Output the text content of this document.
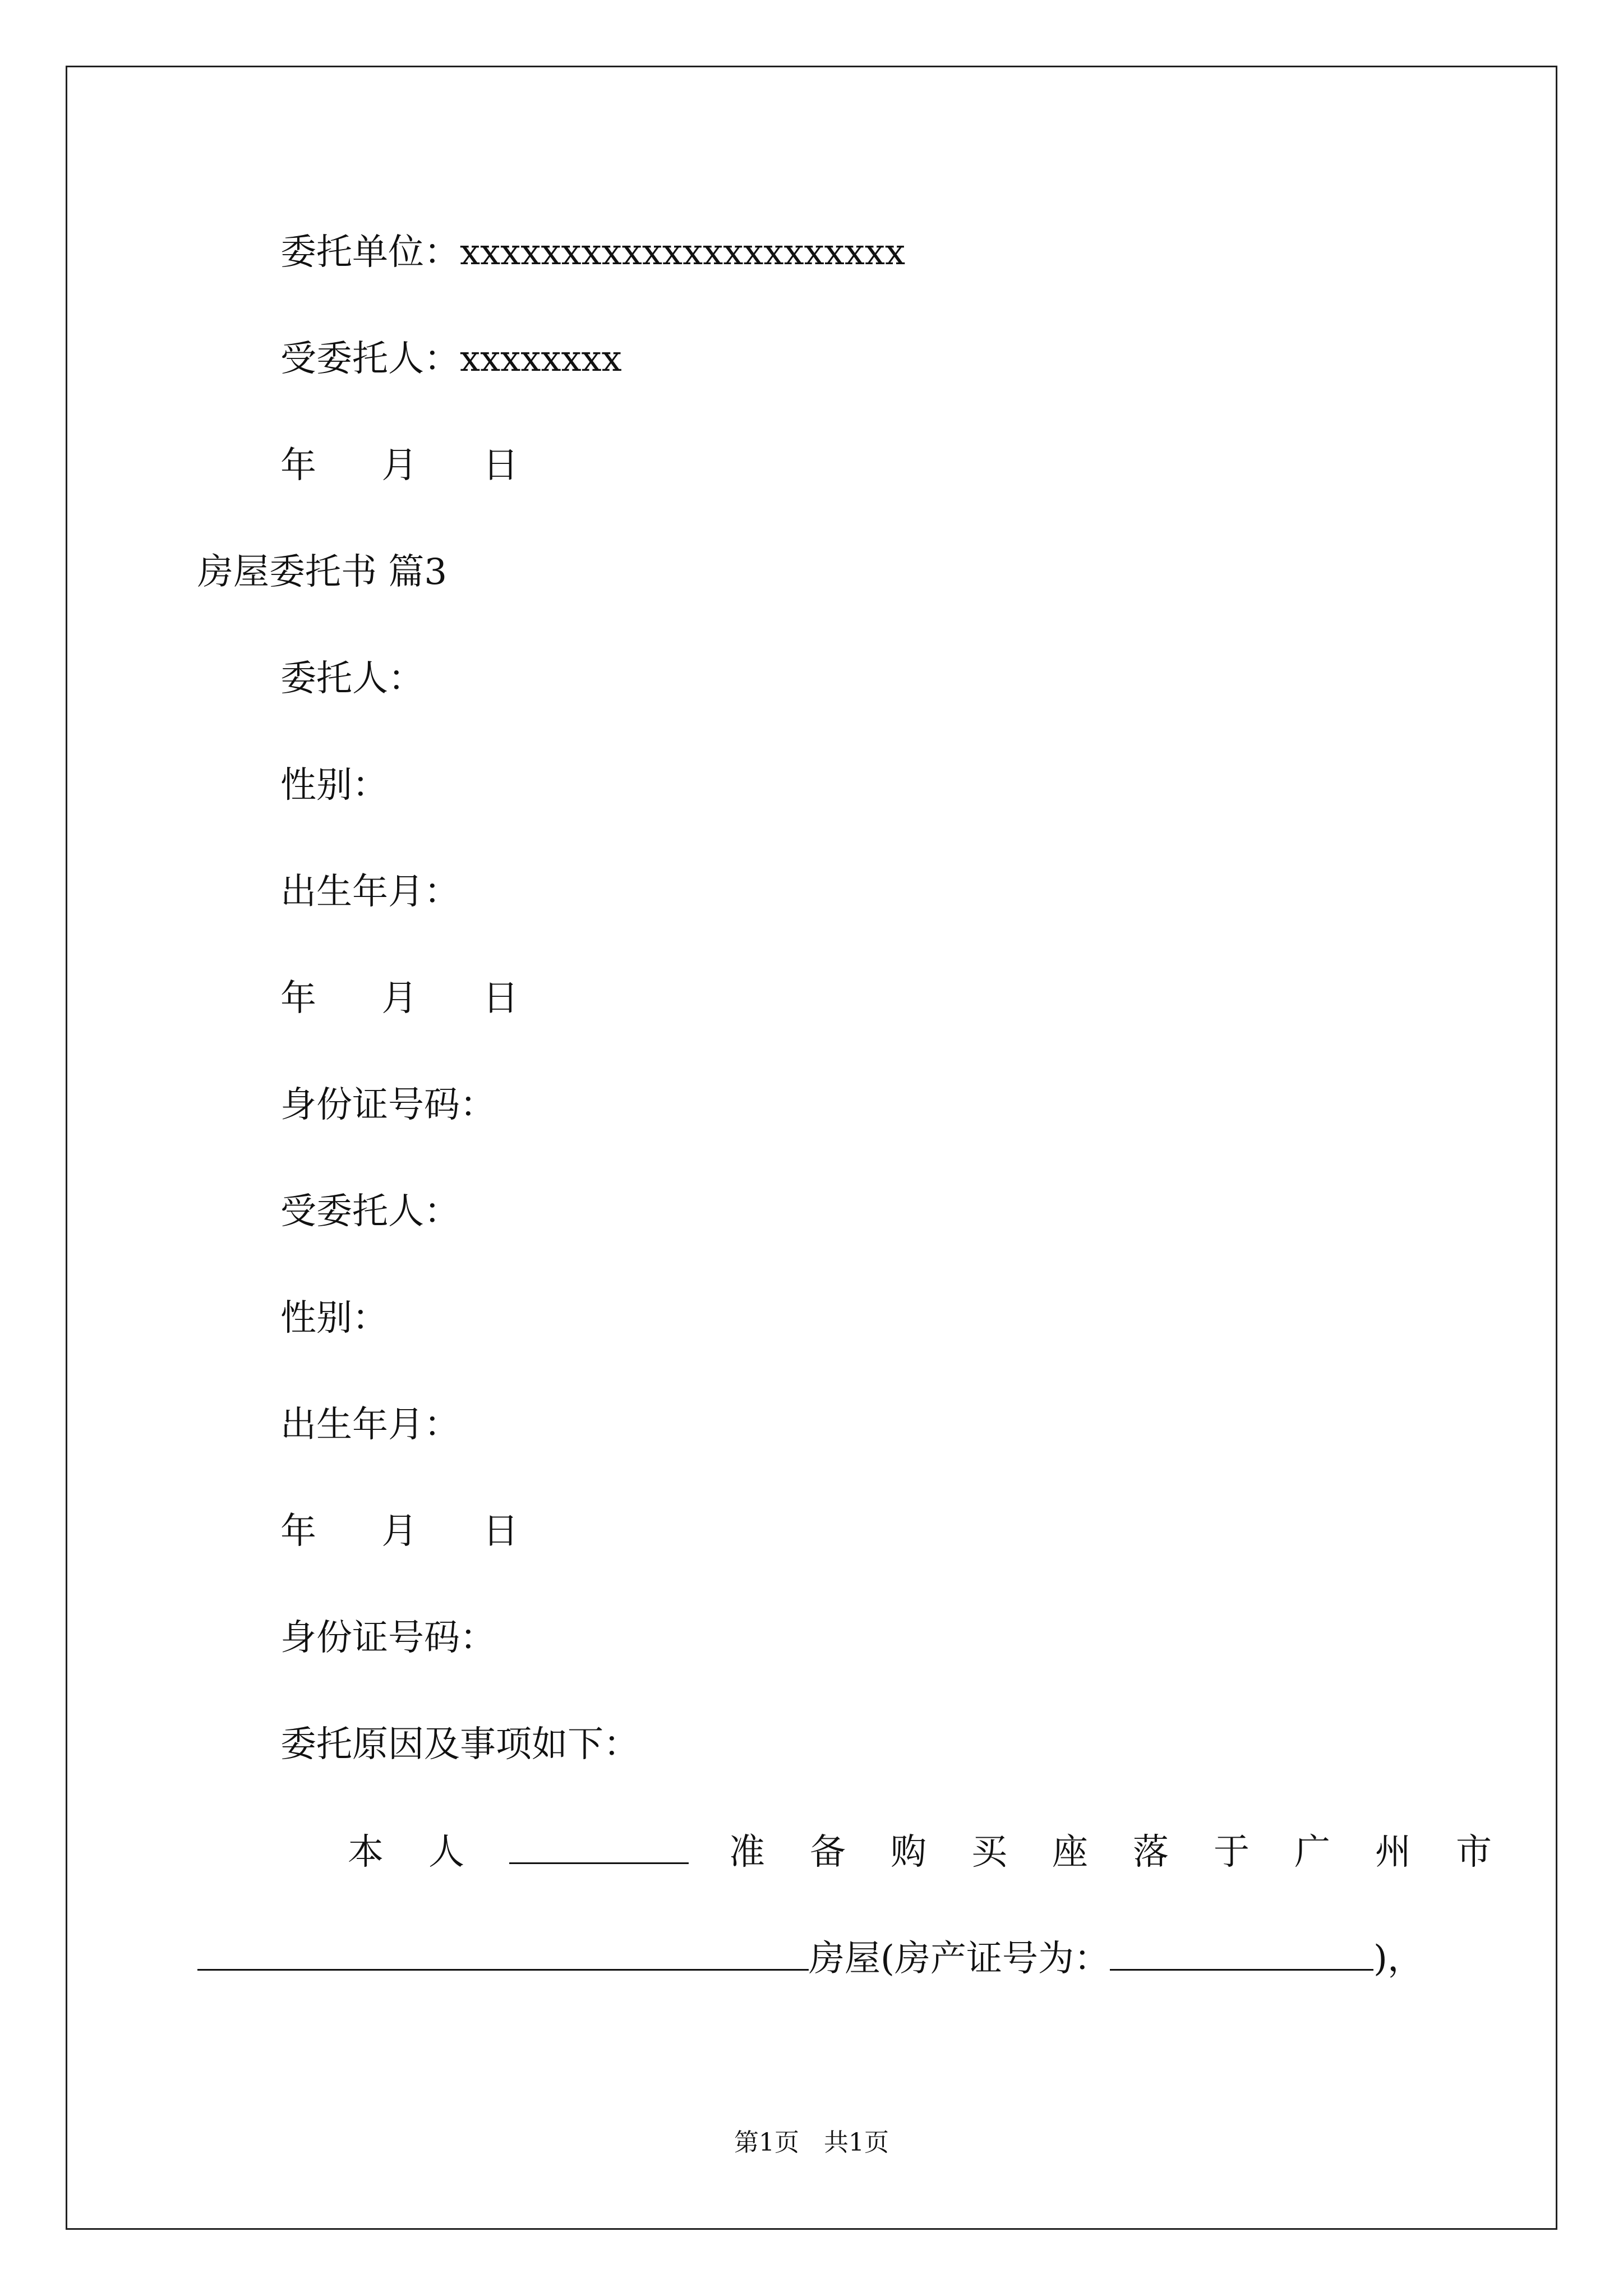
委托单位：xxxxxxxxxxxxxxxxxxxxxx
受委托人：xxxxxxxx
年 月 日
房屋委托书 篇3
委托人：
性别：
出生年月：
年 月 日
身份证号码：
受委托人：
性别：
出生年月：
年 月 日
身份证号码：
委托原因及事项如下：
本人	准备购买座落于广州市
房屋(房产证号为：	)，
第1页　共1页
